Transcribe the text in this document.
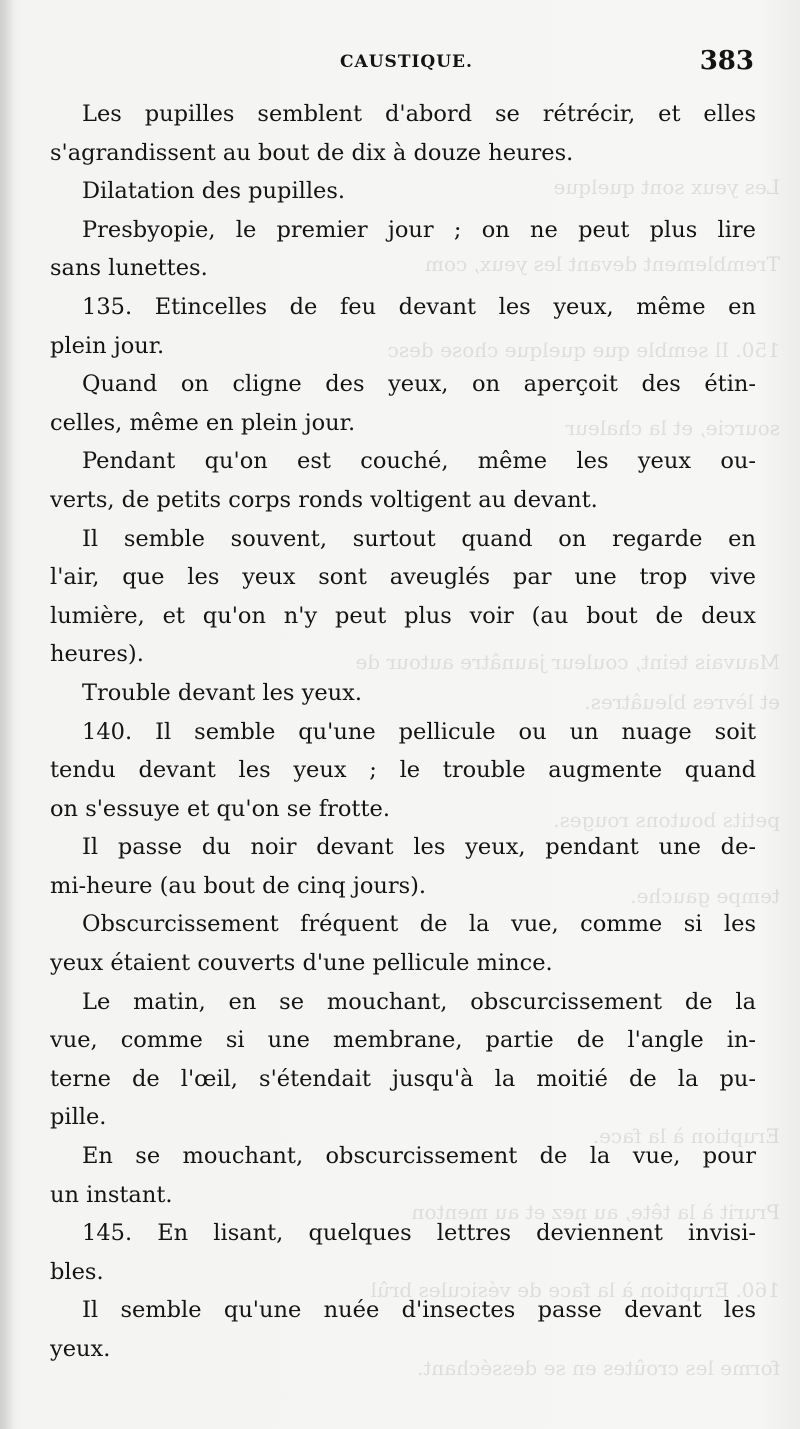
Les yeux sont quelque
Tremblement devant les yeux, com
150. Il semble que quelque chose desc
sourcie, et la chaleur
Mauvais teint, couleur jaunâtre autour de
et lèvres bleuâtres.
petits boutons rouges.
tempe gauche.
Eruption à la face.
Prurit à la tête, au nez et au menton
160. Eruption à la face de vésicules brûl
forme les croûtes en se desséchant.
CAUSTIQUE.	383
Les pupilles semblent d'abord se rétrécir, et elles
s'agrandissent au bout de dix à douze heures.
Dilatation des pupilles.
Presbyopie, le premier jour ; on ne peut plus lire
sans lunettes.
135. Etincelles de feu devant les yeux, même en
plein jour.
Quand on cligne des yeux, on aperçoit des étin-
celles, même en plein jour.
Pendant qu'on est couché, même les yeux ou-
verts, de petits corps ronds voltigent au devant.
Il semble souvent, surtout quand on regarde en
l'air, que les yeux sont aveuglés par une trop vive
lumière, et qu'on n'y peut plus voir (au bout de deux
heures).
Trouble devant les yeux.
140. Il semble qu'une pellicule ou un nuage soit
tendu devant les yeux ; le trouble augmente quand
on s'essuye et qu'on se frotte.
Il passe du noir devant les yeux, pendant une de-
mi-heure (au bout de cinq jours).
Obscurcissement fréquent de la vue, comme si les
yeux étaient couverts d'une pellicule mince.
Le matin, en se mouchant, obscurcissement de la
vue, comme si une membrane, partie de l'angle in-
terne de l'œil, s'étendait jusqu'à la moitié de la pu-
pille.
En se mouchant, obscurcissement de la vue, pour
un instant.
145. En lisant, quelques lettres deviennent invisi-
bles.
Il semble qu'une nuée d'insectes passe devant les
yeux.
